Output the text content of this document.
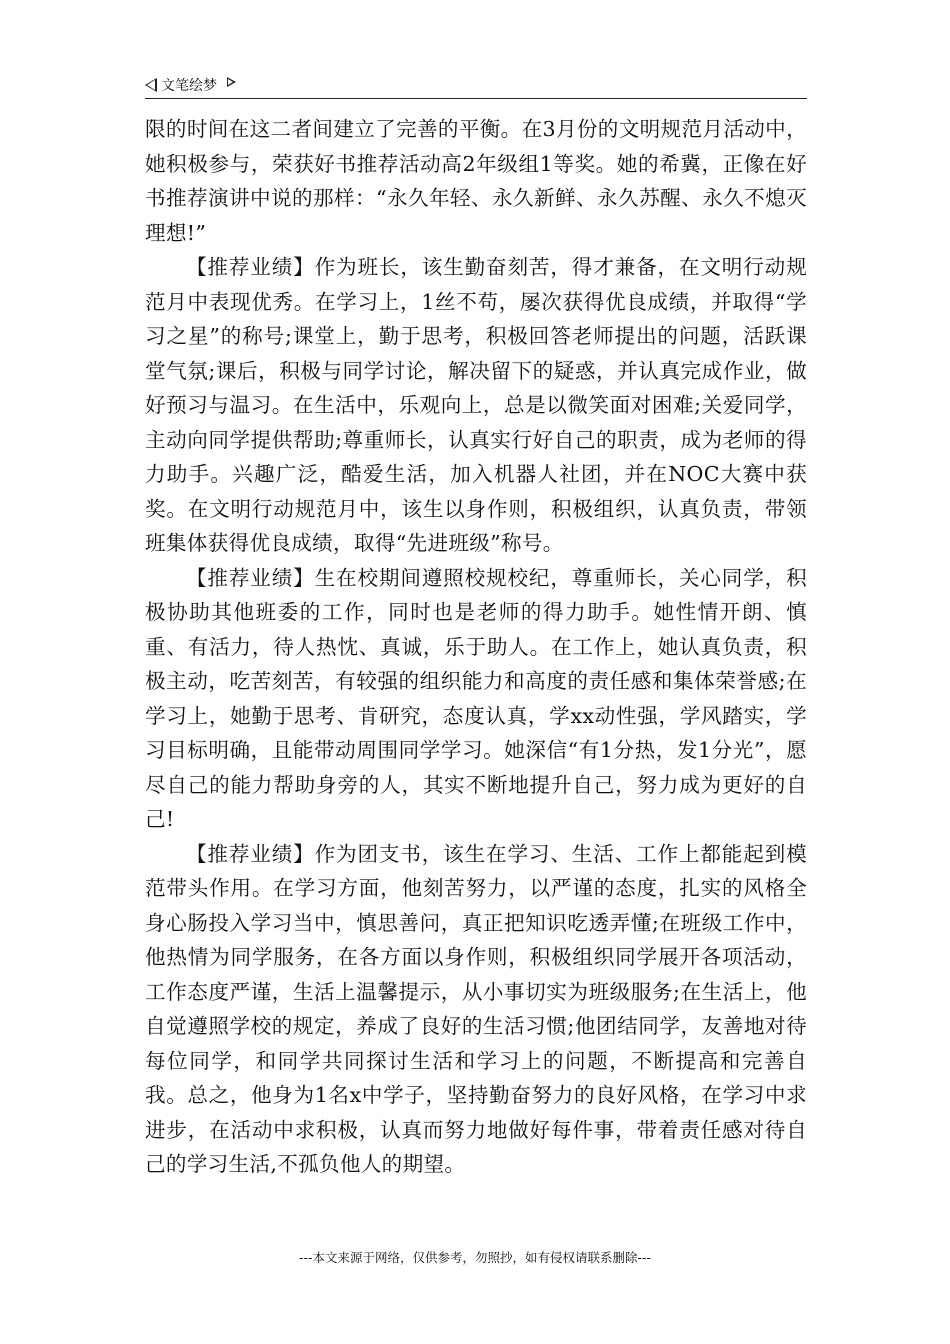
文笔绘梦

限的时间在这二者间建立了完善的平衡。在3月份的文明规范月活动中，她积极参与，荣获好书推荐活动高2年级组1等奖。她的希冀，正像在好书推荐演讲中说的那样：“永久年轻、永久新鲜、永久苏醒、永久不熄灭理想!”

【推荐业绩】作为班长，该生勤奋刻苦，得才兼备，在文明行动规范月中表现优秀。在学习上，1丝不苟，屡次获得优良成绩，并取得“学习之星”的称号;课堂上，勤于思考，积极回答老师提出的问题，活跃课堂气氛;课后，积极与同学讨论，解决留下的疑惑，并认真完成作业，做好预习与温习。在生活中，乐观向上，总是以微笑面对困难;关爱同学，主动向同学提供帮助;尊重师长，认真实行好自己的职责，成为老师的得力助手。兴趣广泛，酷爱生活，加入机器人社团，并在NOC大赛中获奖。在文明行动规范月中，该生以身作则，积极组织，认真负责，带领班集体获得优良成绩，取得“先进班级”称号。

【推荐业绩】生在校期间遵照校规校纪，尊重师长，关心同学，积极协助其他班委的工作，同时也是老师的得力助手。她性情开朗、慎重、有活力，待人热忱、真诚，乐于助人。在工作上，她认真负责，积极主动，吃苦刻苦，有较强的组织能力和高度的责任感和集体荣誉感;在学习上，她勤于思考、肯研究，态度认真，学xx动性强，学风踏实，学习目标明确，且能带动周围同学学习。她深信“有1分热，发1分光”，愿尽自己的能力帮助身旁的人，其实不断地提升自己，努力成为更好的自己!

【推荐业绩】作为团支书，该生在学习、生活、工作上都能起到模范带头作用。在学习方面，他刻苦努力，以严谨的态度，扎实的风格全身心肠投入学习当中，慎思善问，真正把知识吃透弄懂;在班级工作中，他热情为同学服务，在各方面以身作则，积极组织同学展开各项活动，工作态度严谨，生活上温馨提示，从小事切实为班级服务;在生活上，他自觉遵照学校的规定，养成了良好的生活习惯;他团结同学，友善地对待每位同学，和同学共同探讨生活和学习上的问题，不断提高和完善自我。总之，他身为1名x中学子，坚持勤奋努力的良好风格，在学习中求进步，在活动中求积极，认真而努力地做好每件事，带着责任感对待自己的学习生活,不孤负他人的期望。

---本文来源于网络，仅供参考，勿照抄，如有侵权请联系删除---
